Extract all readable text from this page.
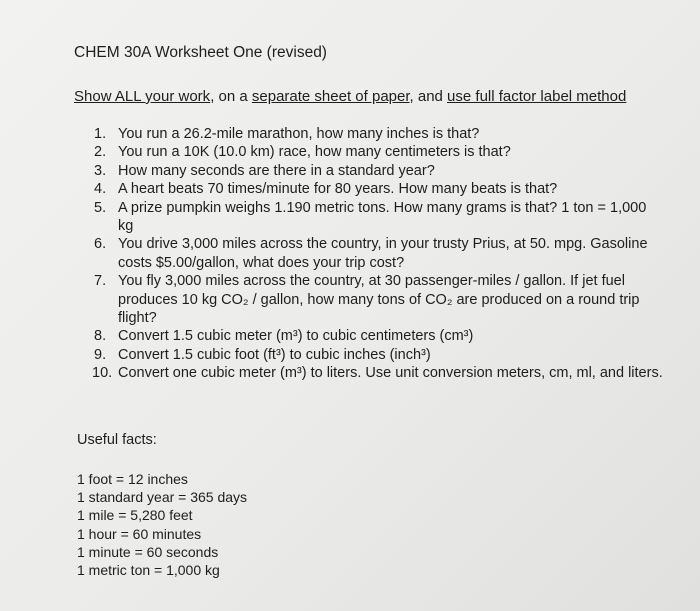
CHEM 30A Worksheet One (revised)

Show ALL your work, on a separate sheet of paper, and use full factor label method

1. You run a 26.2-mile marathon, how many inches is that?
2. You run a 10K (10.0 km) race, how many centimeters is that?
3. How many seconds are there in a standard year?
4. A heart beats 70 times/minute for 80 years. How many beats is that?
5. A prize pumpkin weighs 1.190 metric tons. How many grams is that? 1 ton = 1,000 kg
6. You drive 3,000 miles across the country, in your trusty Prius, at 50. mpg. Gasoline costs $5.00/gallon, what does your trip cost?
7. You fly 3,000 miles across the country, at 30 passenger-miles / gallon. If jet fuel produces 10 kg CO₂ / gallon, how many tons of CO₂ are produced on a round trip flight?
8. Convert 1.5 cubic meter (m³) to cubic centimeters (cm³)
9. Convert 1.5 cubic foot (ft³) to cubic inches (inch³)
10. Convert one cubic meter (m³) to liters. Use unit conversion meters, cm, ml, and liters.
Useful facts:
1 foot = 12 inches
1 standard year = 365 days
1 mile = 5,280 feet
1 hour = 60 minutes
1 minute = 60 seconds
1 metric ton = 1,000 kg
